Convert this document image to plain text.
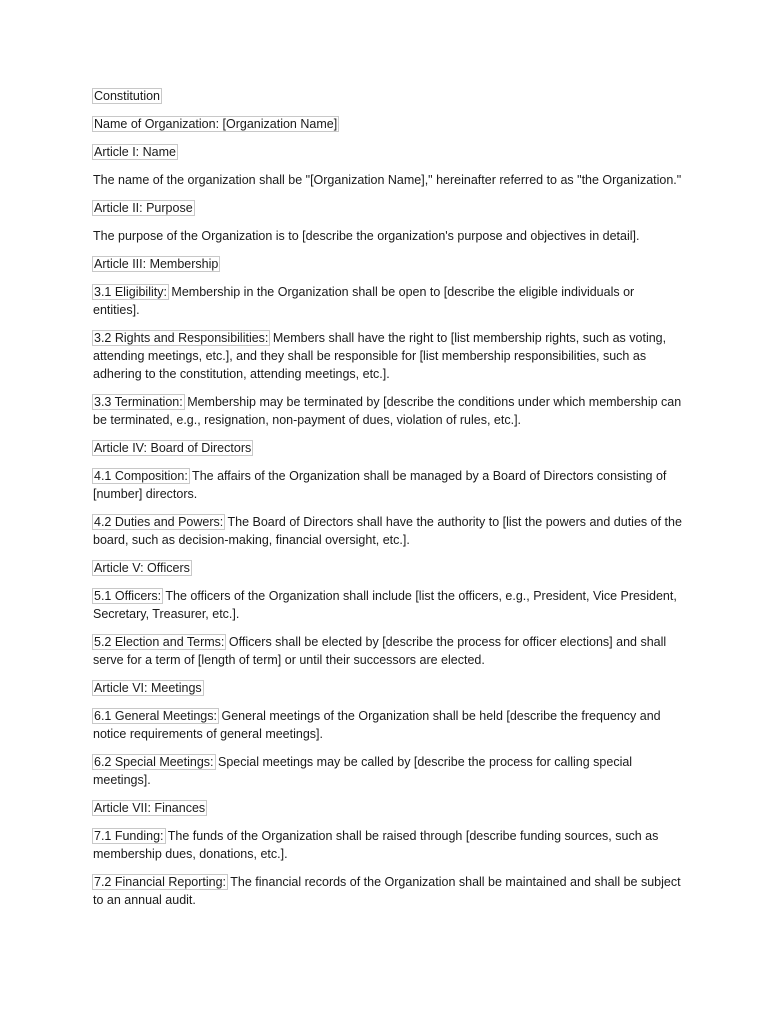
Constitution

Name of Organization: [Organization Name]

Article I: Name

The name of the organization shall be "[Organization Name]," hereinafter referred to as "the Organization."

Article II: Purpose

The purpose of the Organization is to [describe the organization's purpose and objectives in detail].

Article III: Membership

3.1 Eligibility: Membership in the Organization shall be open to [describe the eligible individuals or entities].

3.2 Rights and Responsibilities: Members shall have the right to [list membership rights, such as voting, attending meetings, etc.], and they shall be responsible for [list membership responsibilities, such as adhering to the constitution, attending meetings, etc.].

3.3 Termination: Membership may be terminated by [describe the conditions under which membership can be terminated, e.g., resignation, non-payment of dues, violation of rules, etc.].

Article IV: Board of Directors

4.1 Composition: The affairs of the Organization shall be managed by a Board of Directors consisting of [number] directors.

4.2 Duties and Powers: The Board of Directors shall have the authority to [list the powers and duties of the board, such as decision-making, financial oversight, etc.].

Article V: Officers

5.1 Officers: The officers of the Organization shall include [list the officers, e.g., President, Vice President, Secretary, Treasurer, etc.].

5.2 Election and Terms: Officers shall be elected by [describe the process for officer elections] and shall serve for a term of [length of term] or until their successors are elected.

Article VI: Meetings

6.1 General Meetings: General meetings of the Organization shall be held [describe the frequency and notice requirements of general meetings].

6.2 Special Meetings: Special meetings may be called by [describe the process for calling special meetings].

Article VII: Finances

7.1 Funding: The funds of the Organization shall be raised through [describe funding sources, such as membership dues, donations, etc.].

7.2 Financial Reporting: The financial records of the Organization shall be maintained and shall be subject to an annual audit.
